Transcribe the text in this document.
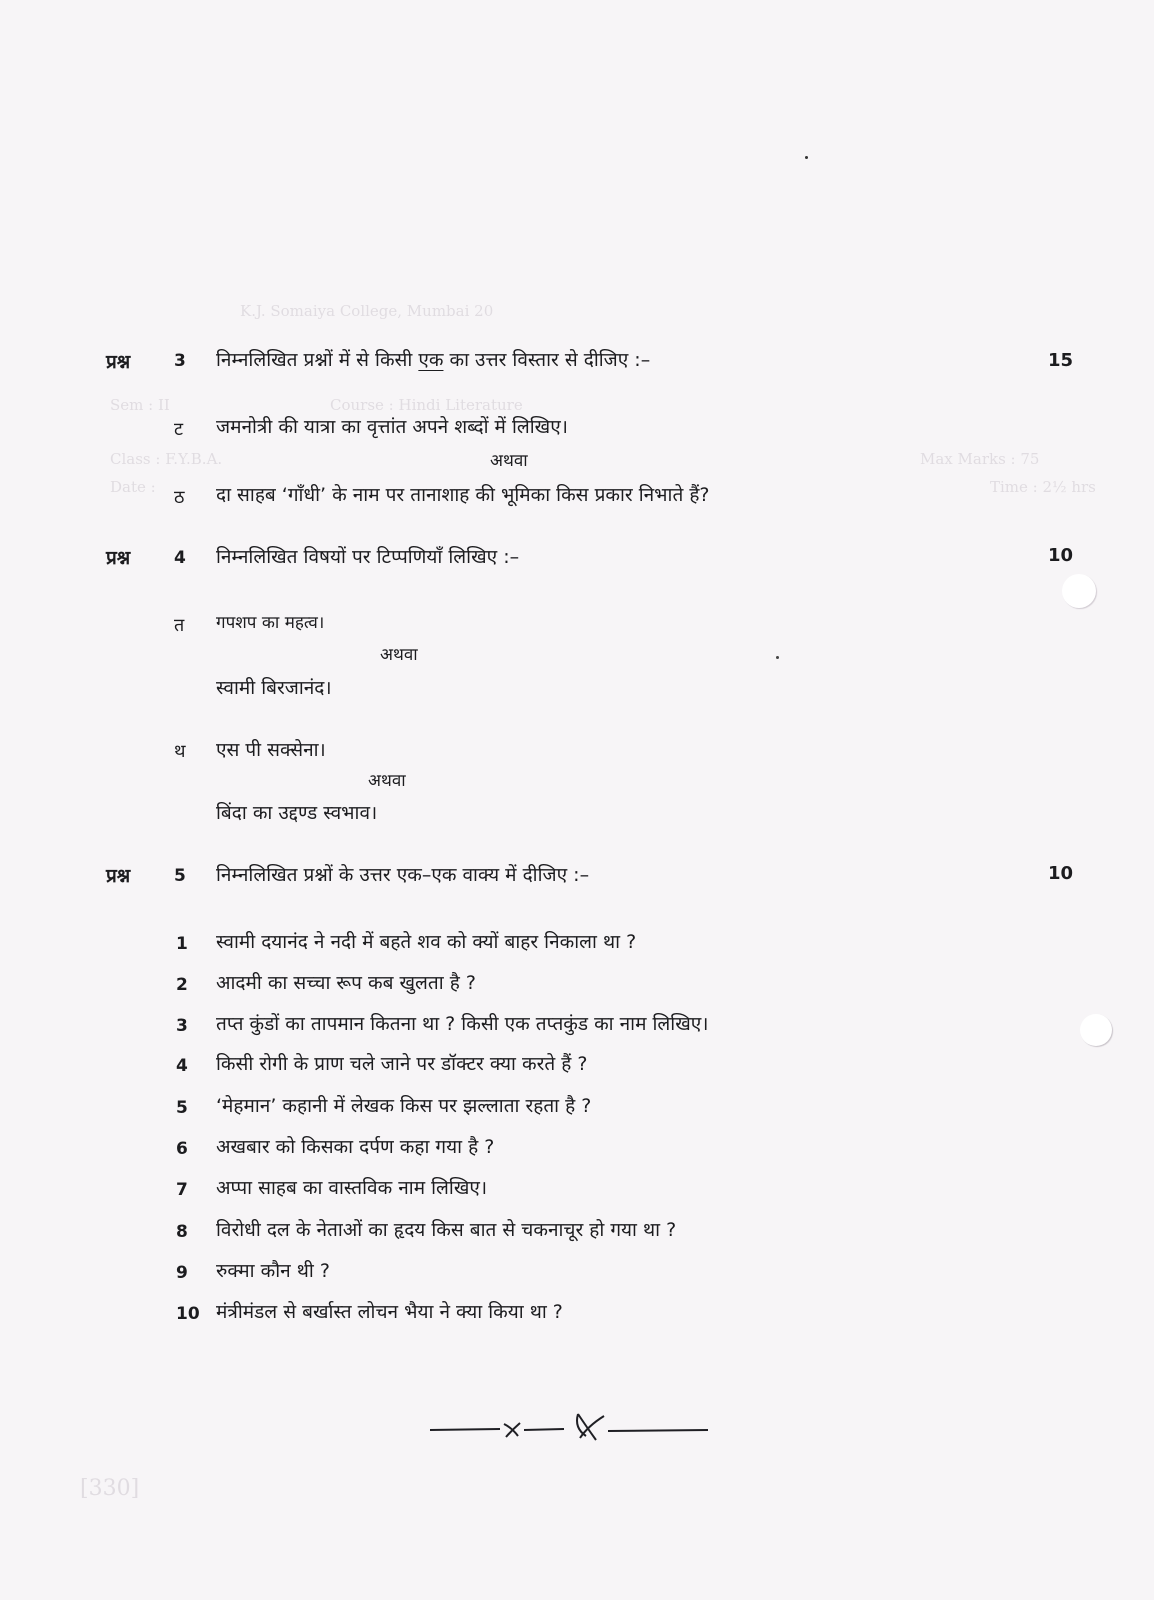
K.J. Somaiya College, Mumbai 20
Sem : II	Course : Hindi Literature
Class : F.Y.B.A.	Max Marks : 75
Date :	Time : 2½ hrs
[330]
प्रश्न	3 निम्नलिखित प्रश्नों में से किसी एक का उत्तर विस्तार से दीजिए :–	15
ट जमनोत्री की यात्रा का वृत्तांत अपने शब्दों में लिखिए।
अथवा
ठ दा साहब ‘गाँधी’ के नाम पर तानाशाह की भूमिका किस प्रकार निभाते हैं?
प्रश्न	4 निम्नलिखित विषयों पर टिप्पणियाँ लिखिए :–	10
त गपशप का महत्व।
अथवा
स्वामी बिरजानंद।
थ एस पी सक्सेना।
अथवा
बिंदा का उद्दण्ड स्वभाव।
प्रश्न	5 निम्नलिखित प्रश्नों के उत्तर एक–एक वाक्य में दीजिए :–	10
1 स्वामी दयानंद ने नदी में बहते शव को क्यों बाहर निकाला था ?
2 आदमी का सच्चा रूप कब खुलता है ?
3 तप्त कुंडों का तापमान कितना था ? किसी एक तप्तकुंड का नाम लिखिए।
4 किसी रोगी के प्राण चले जाने पर डॉक्टर क्या करते हैं ?
5 ‘मेहमान’ कहानी में लेखक किस पर झल्लाता रहता है ?
6 अखबार को किसका दर्पण कहा गया है ?
7 अप्पा साहब का वास्तविक नाम लिखिए।
8 विरोधी दल के नेताओं का हृदय किस बात से चकनाचूर हो गया था ?
9 रुक्मा कौन थी ?
10 मंत्रीमंडल से बर्खास्त लोचन भैया ने क्या किया था ?
